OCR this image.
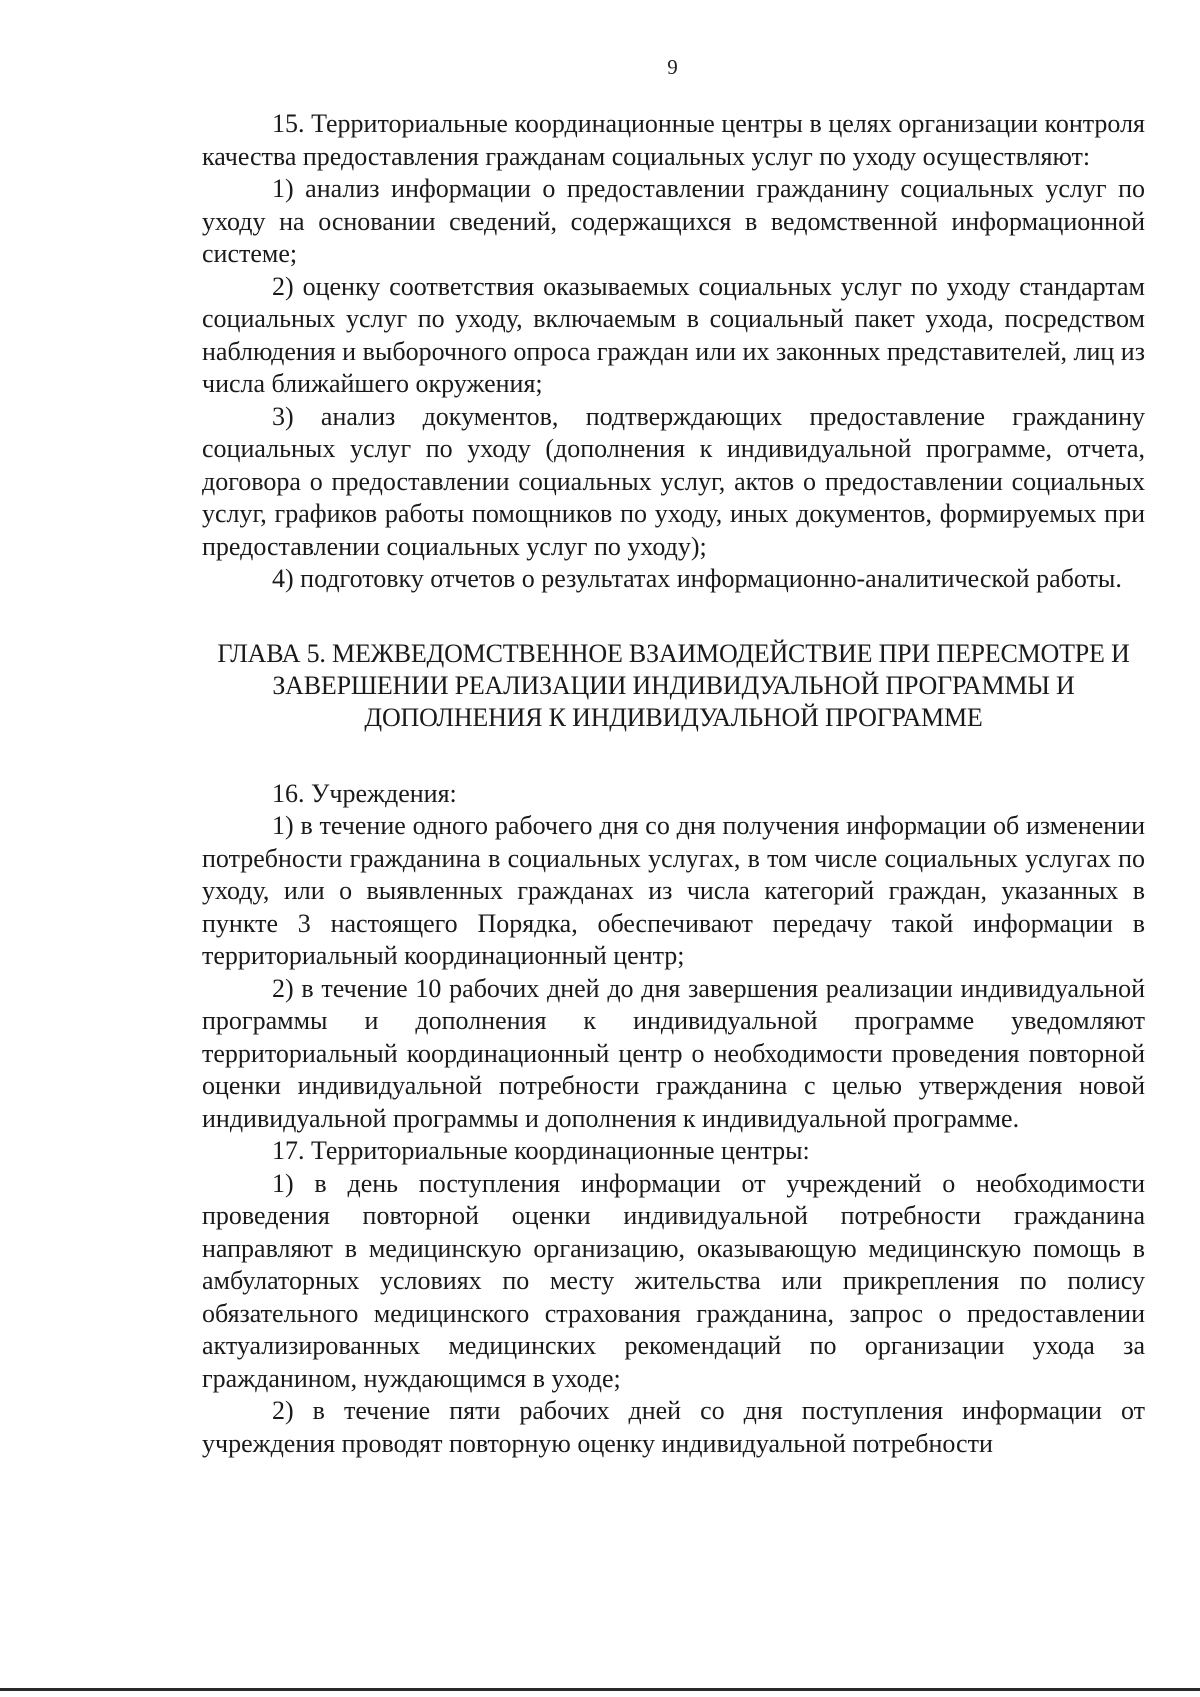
9

15. Территориальные координационные центры в целях организации контроля качества предоставления гражданам социальных услуг по уходу осуществляют:

1) анализ информации о предоставлении гражданину социальных услуг по уходу на основании сведений, содержащихся в ведомственной информационной системе;

2) оценку соответствия оказываемых социальных услуг по уходу стандартам социальных услуг по уходу, включаемым в социальный пакет ухода, посредством наблюдения и выборочного опроса граждан или их законных представителей, лиц из числа ближайшего окружения;

3) анализ документов, подтверждающих предоставление гражданину социальных услуг по уходу (дополнения к индивидуальной программе, отчета, договора о предоставлении социальных услуг, актов о предоставлении социальных услуг, графиков работы помощников по уходу, иных документов, формируемых при предоставлении социальных услуг по уходу);

4) подготовку отчетов о результатах информационно-аналитической работы.

ГЛАВА 5. МЕЖВЕДОМСТВЕННОЕ ВЗАИМОДЕЙСТВИЕ ПРИ ПЕРЕСМОТРЕ И ЗАВЕРШЕНИИ РЕАЛИЗАЦИИ ИНДИВИДУАЛЬНОЙ ПРОГРАММЫ И ДОПОЛНЕНИЯ К ИНДИВИДУАЛЬНОЙ ПРОГРАММЕ

16. Учреждения:

1) в течение одного рабочего дня со дня получения информации об изменении потребности гражданина в социальных услугах, в том числе социальных услугах по уходу, или о выявленных гражданах из числа категорий граждан, указанных в пункте 3 настоящего Порядка, обеспечивают передачу такой информации в территориальный координационный центр;

2) в течение 10 рабочих дней до дня завершения реализации индивидуальной программы и дополнения к индивидуальной программе уведомляют территориальный координационный центр о необходимости проведения повторной оценки индивидуальной потребности гражданина с целью утверждения новой индивидуальной программы и дополнения к индивидуальной программе.

17. Территориальные координационные центры:

1) в день поступления информации от учреждений о необходимости проведения повторной оценки индивидуальной потребности гражданина направляют в медицинскую организацию, оказывающую медицинскую помощь в амбулаторных условиях по месту жительства или прикрепления по полису обязательного медицинского страхования гражданина, запрос о предоставлении актуализированных медицинских рекомендаций по организации ухода за гражданином, нуждающимся в уходе;

2) в течение пяти рабочих дней со дня поступления информации от учреждения проводят повторную оценку индивидуальной потребности
